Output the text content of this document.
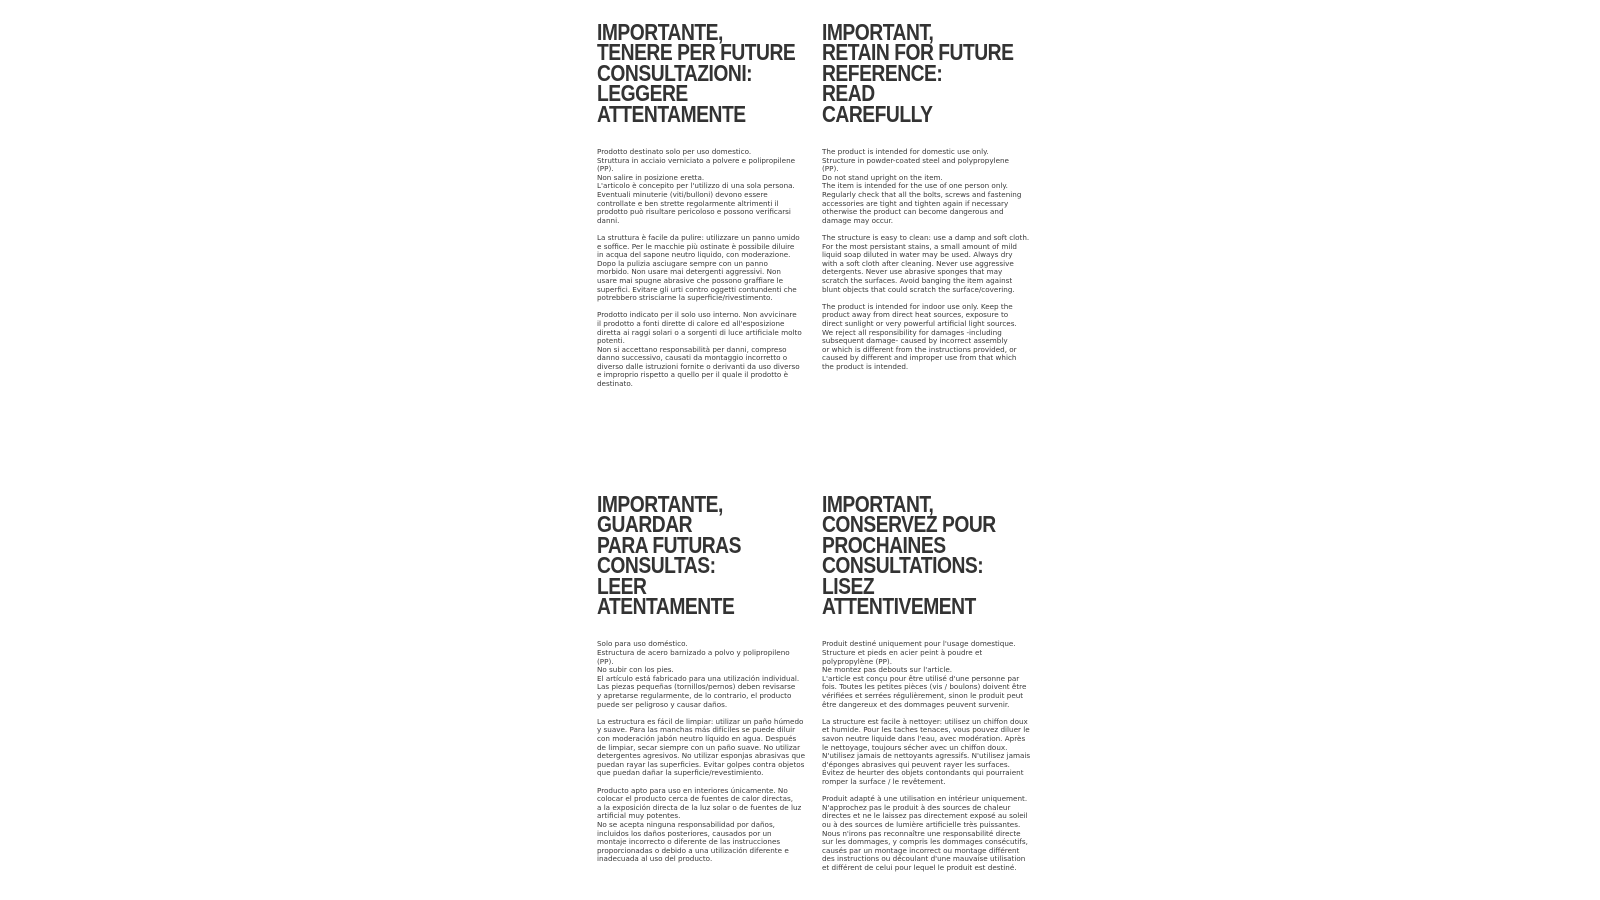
IMPORTANTE,
TENERE PER FUTURE
CONSULTAZIONI:
LEGGERE
ATTENTAMENTE

Prodotto destinato solo per uso domestico.
Struttura in acciaio verniciato a polvere e polipropilene
(PP).
Non salire in posizione eretta.
L'articolo è concepito per l'utilizzo di una sola persona.
Eventuali minuterie (viti/bulloni) devono essere
controllate e ben strette regolarmente altrimenti il
prodotto può risultare pericoloso e possono verificarsi
danni.

La struttura è facile da pulire: utilizzare un panno umido
e soffice. Per le macchie più ostinate è possibile diluire
in acqua del sapone neutro liquido, con moderazione.
Dopo la pulizia asciugare sempre con un panno
morbido. Non usare mai detergenti aggressivi. Non
usare mai spugne abrasive che possono graffiare le
superfici. Evitare gli urti contro oggetti contundenti che
potrebbero strisciarne la superficie/rivestimento.

Prodotto indicato per il solo uso interno. Non avvicinare
il prodotto a fonti dirette di calore ed all'esposizione
diretta ai raggi solari o a sorgenti di luce artificiale molto
potenti.
Non si accettano responsabilità per danni, compreso
danno successivo, causati da montaggio incorretto o
diverso dalle istruzioni fornite o derivanti da uso diverso
e improprio rispetto a quello per il quale il prodotto è
destinato.

IMPORTANT,
RETAIN FOR FUTURE
REFERENCE:
READ
CAREFULLY

The product is intended for domestic use only.
Structure in powder-coated steel and polypropylene
(PP).
Do not stand upright on the item.
The item is intended for the use of one person only.
Regularly check that all the bolts, screws and fastening
accessories are tight and tighten again if necessary
otherwise the product can become dangerous and
damage may occur.

The structure is easy to clean: use a damp and soft cloth.
For the most persistant stains, a small amount of mild
liquid soap diluted in water may be used. Always dry
with a soft cloth after cleaning. Never use aggressive
detergents. Never use abrasive sponges that may
scratch the surfaces. Avoid banging the item against
blunt objects that could scratch the surface/covering.

The product is intended for indoor use only. Keep the
product away from direct heat sources, exposure to
direct sunlight or very powerful artificial light sources.
We reject all responsibility for damages -including
subsequent damage- caused by incorrect assembly
or which is different from the instructions provided, or
caused by different and improper use from that which
the product is intended.

IMPORTANTE,
GUARDAR
PARA FUTURAS
CONSULTAS:
LEER
ATENTAMENTE

Solo para uso doméstico.
Estructura de acero barnizado a polvo y polipropileno
(PP).
No subir con los pies.
El artículo está fabricado para una utilización individual.
Las piezas pequeñas (tornillos/pernos) deben revisarse
y apretarse regularmente, de lo contrario, el producto
puede ser peligroso y causar daños.

La estructura es fácil de limpiar: utilizar un paño húmedo
y suave. Para las manchas más difíciles se puede diluir
con moderación jabón neutro líquido en agua. Después
de limpiar, secar siempre con un paño suave. No utilizar
detergentes agresivos. No utilizar esponjas abrasivas que
puedan rayar las superficies. Evitar golpes contra objetos
que puedan dañar la superficie/revestimiento.

Producto apto para uso en interiores únicamente. No
colocar el producto cerca de fuentes de calor directas,
a la exposición directa de la luz solar o de fuentes de luz
artificial muy potentes.
No se acepta ninguna responsabilidad por daños,
incluidos los daños posteriores, causados por un
montaje incorrecto o diferente de las instrucciones
proporcionadas o debido a una utilización diferente e
inadecuada al uso del producto.

IMPORTANT,
CONSERVEZ POUR
PROCHAINES
CONSULTATIONS:
LISEZ
ATTENTIVEMENT

Produit destiné uniquement pour l'usage domestique.
Structure et pieds en acier peint à poudre et
polypropylène (PP).
Ne montez pas debouts sur l'article.
L'article est conçu pour être utilisé d'une personne par
fois. Toutes les petites pièces (vis / boulons) doivent être
vérifiées et serrées régulièrement, sinon le produit peut
être dangereux et des dommages peuvent survenir.

La structure est facile à nettoyer: utilisez un chiffon doux
et humide. Pour les taches tenaces, vous pouvez diluer le
savon neutre liquide dans l'eau, avec modération. Après
le nettoyage, toujours sécher avec un chiffon doux.
N'utilisez jamais de nettoyants agressifs. N'utilisez jamais
d'éponges abrasives qui peuvent rayer les surfaces.
Évitez de heurter des objets contondants qui pourraient
romper la surface / le revêtement.

Produit adapté à une utilisation en intérieur uniquement.
N'approchez pas le produit à des sources de chaleur
directes et ne le laissez pas directement exposé au soleil
ou à des sources de lumière artificielle très puissantes.
Nous n'irons pas reconnaître une responsabilité directe
sur les dommages, y compris les dommages consécutifs,
causés par un montage incorrect ou montage différent
des instructions ou découlant d'une mauvaise utilisation
et différent de celui pour lequel le produit est destiné.
